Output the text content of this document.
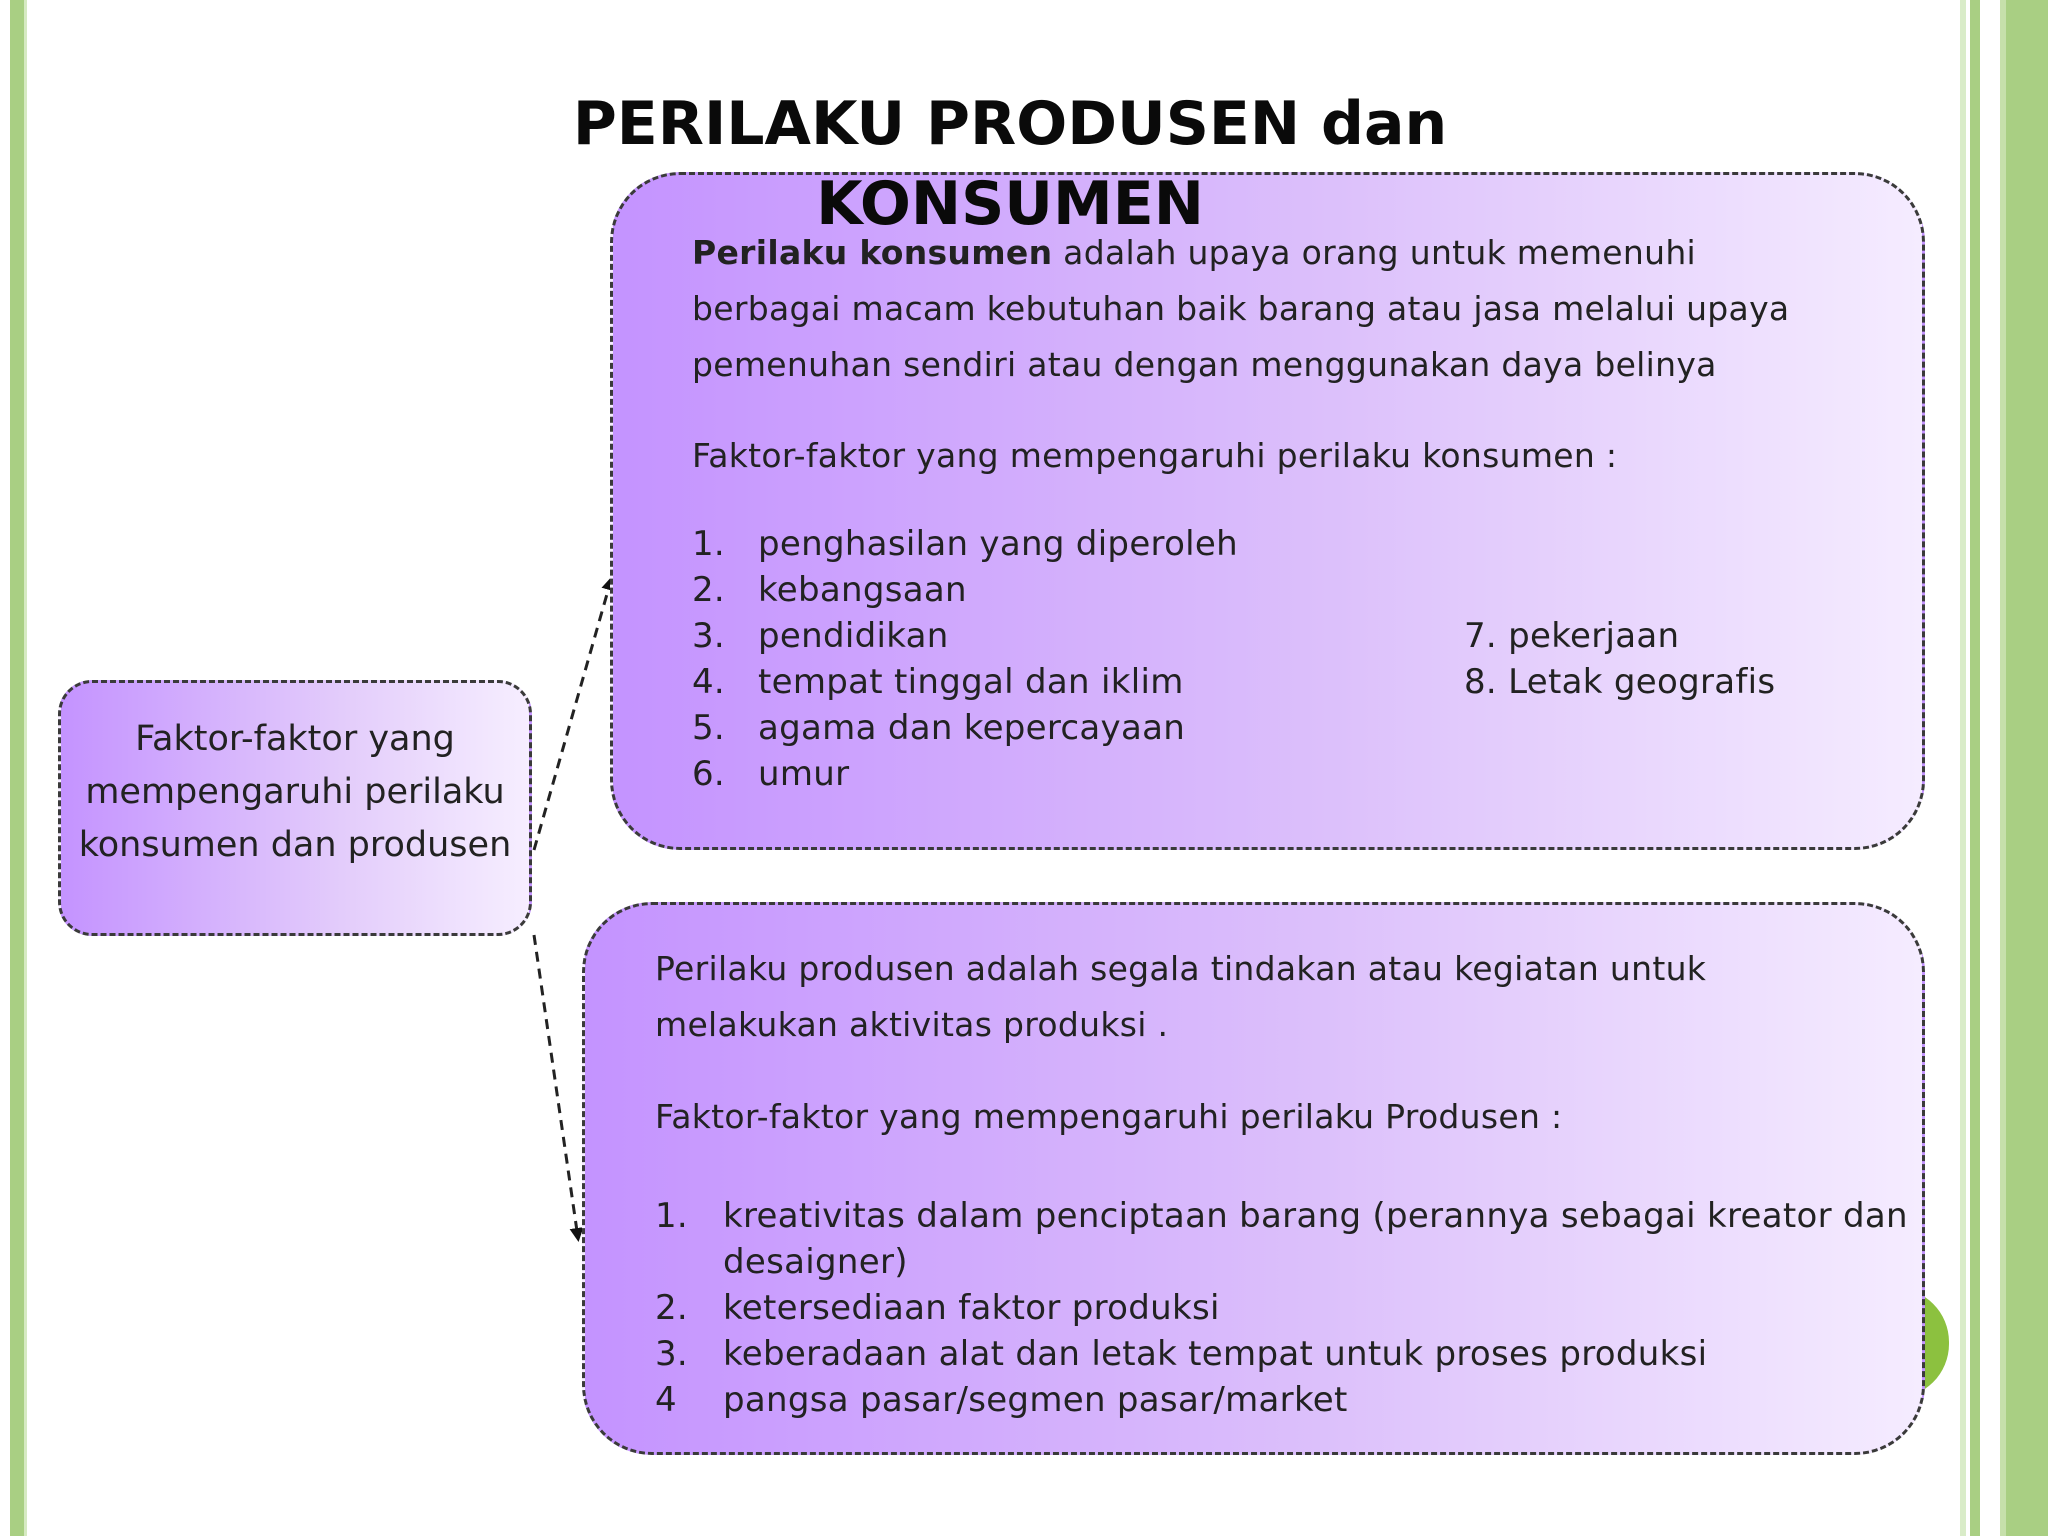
Faktor-faktor yang mempengaruhi perilaku konsumen dan produsen
Perilaku konsumen adalah upaya orang untuk memenuhi berbagai macam kebutuhan baik barang atau jasa melalui upaya pemenuhan sendiri atau dengan menggunakan daya belinya
Faktor-faktor yang mempengaruhi perilaku konsumen :
1. penghasilan yang diperoleh
2. kebangsaan
3. pendidikan
4. tempat tinggal dan iklim
5. agama dan kepercayaan
6. umur
7. pekerjaan
8. Letak geografis
Perilaku produsen adalah segala tindakan atau kegiatan untuk melakukan aktivitas produksi .
Faktor-faktor yang mempengaruhi perilaku Produsen :
1. kreativitas dalam penciptaan barang (perannya sebagai kreator dan
desaigner)
2. ketersediaan faktor produksi
3. keberadaan alat dan letak tempat untuk proses produksi
4 pangsa pasar/segmen pasar/market
PERILAKU PRODUSEN dan KONSUMEN
